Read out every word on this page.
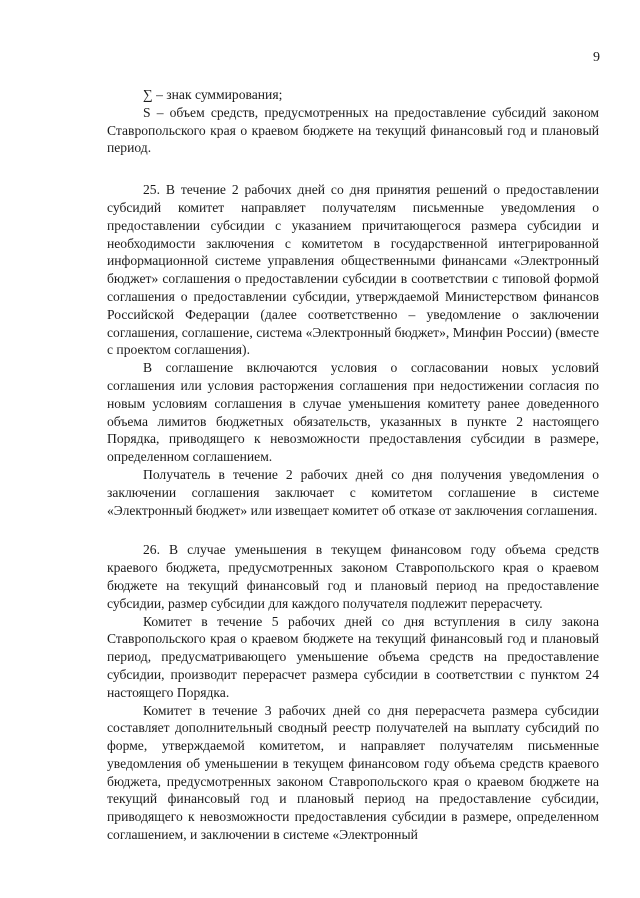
9

∑ – знак суммирования;

S – объем средств, предусмотренных на предоставление субсидий законом Ставропольского края о краевом бюджете на текущий финансовый год и плановый период.

25. В течение 2 рабочих дней со дня принятия решений о предоставлении субсидий комитет направляет получателям письменные уведомления о предоставлении субсидии с указанием причитающегося размера субсидии и необходимости заключения с комитетом в государственной интегрированной информационной системе управления общественными финансами «Электронный бюджет» соглашения о предоставлении субсидии в соответствии с типовой формой соглашения о предоставлении субсидии, утверждаемой Министерством финансов Российской Федерации (далее соответственно – уведомление о заключении соглашения, соглашение, система «Электронный бюджет», Минфин России) (вместе с проектом соглашения).

В соглашение включаются условия о согласовании новых условий соглашения или условия расторжения соглашения при недостижении согласия по новым условиям соглашения в случае уменьшения комитету ранее доведенного объема лимитов бюджетных обязательств, указанных в пункте 2 настоящего Порядка, приводящего к невозможности предоставления субсидии в размере, определенном соглашением.

Получатель в течение 2 рабочих дней со дня получения уведомления о заключении соглашения заключает с комитетом соглашение в системе «Электронный бюджет» или извещает комитет об отказе от заключения соглашения.

26. В случае уменьшения в текущем финансовом году объема средств краевого бюджета, предусмотренных законом Ставропольского края о краевом бюджете на текущий финансовый год и плановый период на предоставление субсидии, размер субсидии для каждого получателя подлежит перерасчету.

Комитет в течение 5 рабочих дней со дня вступления в силу закона Ставропольского края о краевом бюджете на текущий финансовый год и плановый период, предусматривающего уменьшение объема средств на предоставление субсидии, производит перерасчет размера субсидии в соответствии с пунктом 24 настоящего Порядка.

Комитет в течение 3 рабочих дней со дня перерасчета размера субсидии составляет дополнительный сводный реестр получателей на выплату субсидий по форме, утверждаемой комитетом, и направляет получателям письменные уведомления об уменьшении в текущем финансовом году объема средств краевого бюджета, предусмотренных законом Ставропольского края о краевом бюджете на текущий финансовый год и плановый период на предоставление субсидии, приводящего к невозможности предоставления субсидии в размере, определенном соглашением, и заключении в системе «Электронный
